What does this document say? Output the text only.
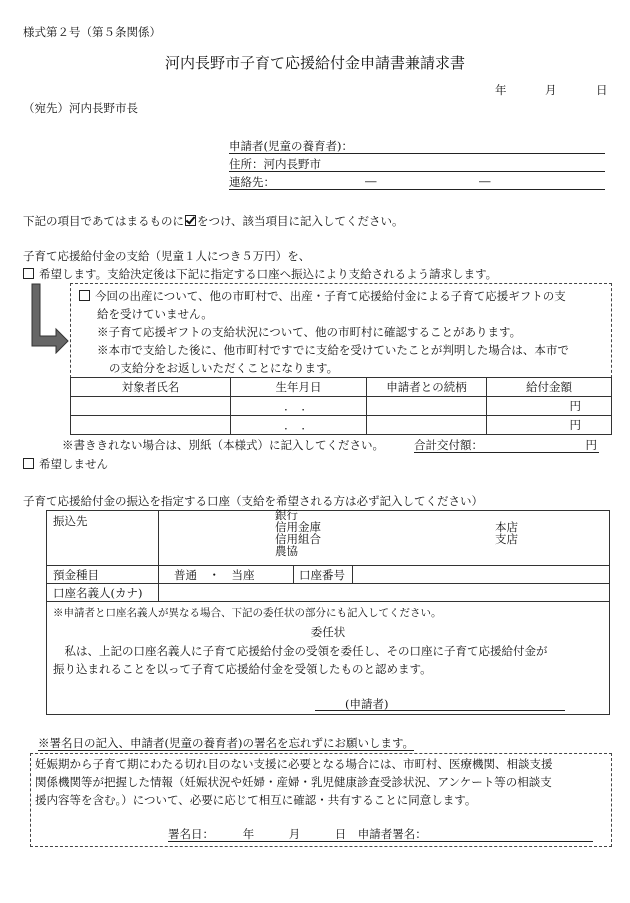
様式第２号（第５条関係）
河内長野市子育て応援給付金申請書兼請求書
年	月	日
（宛先）河内長野市長
申請者(児童の養育者)：
住所：河内長野市
連絡先：	―	―
下記の項目であてはまるものに をつけ、該当項目に記入してください。
子育て応援給付金の支給（児童１人につき５万円）を、
希望します。支給決定後は下記に指定する口座へ振込により支給されるよう請求します。
今回の出産について、他の市町村で、出産・子育て応援給付金による子育て応援ギフトの支
給を受けていません。
※子育て応援ギフトの支給状況について、他の市町村に確認することがあります。
※本市で支給した後に、他市町村ですでに支給を受けていたことが判明した場合は、本市で
の支給分をお返しいただくことになります。
対象者氏名	生年月日	申請者との続柄	給付金額
	．　．		円
	．　．		円
※書ききれない場合は、別紙（本様式）に記入してください。	合計交付額：	円
希望しません
子育て応援給付金の振込を指定する口座（支給を希望される方は必ず記入してください）
振込先	銀行
信用金庫
信用組合
農協
本店
支店
預金種目	普通　・　当座	口座番号
口座名義人(カナ)
※申請者と口座名義人が異なる場合、下記の委任状の部分にも記入してください。
委任状
　私は、上記の口座名義人に子育て応援給付金の受領を委任し、その口座に子育て応援給付金が
振り込まれることを以って子育て応援給付金を受領したものと認めます。
(申請者)
※署名日の記入、申請者(児童の養育者)の署名を忘れずにお願いします。
妊娠期から子育て期にわたる切れ目のない支援に必要となる場合には、市町村、医療機関、相談支援
関係機関等が把握した情報（妊娠状況や妊婦・産婦・乳児健康診査受診状況、アンケート等の相談支
援内容等を含む。）について、必要に応じて相互に確認・共有することに同意します。
署名日：　　　年　　　月　　　日　申請者署名：
